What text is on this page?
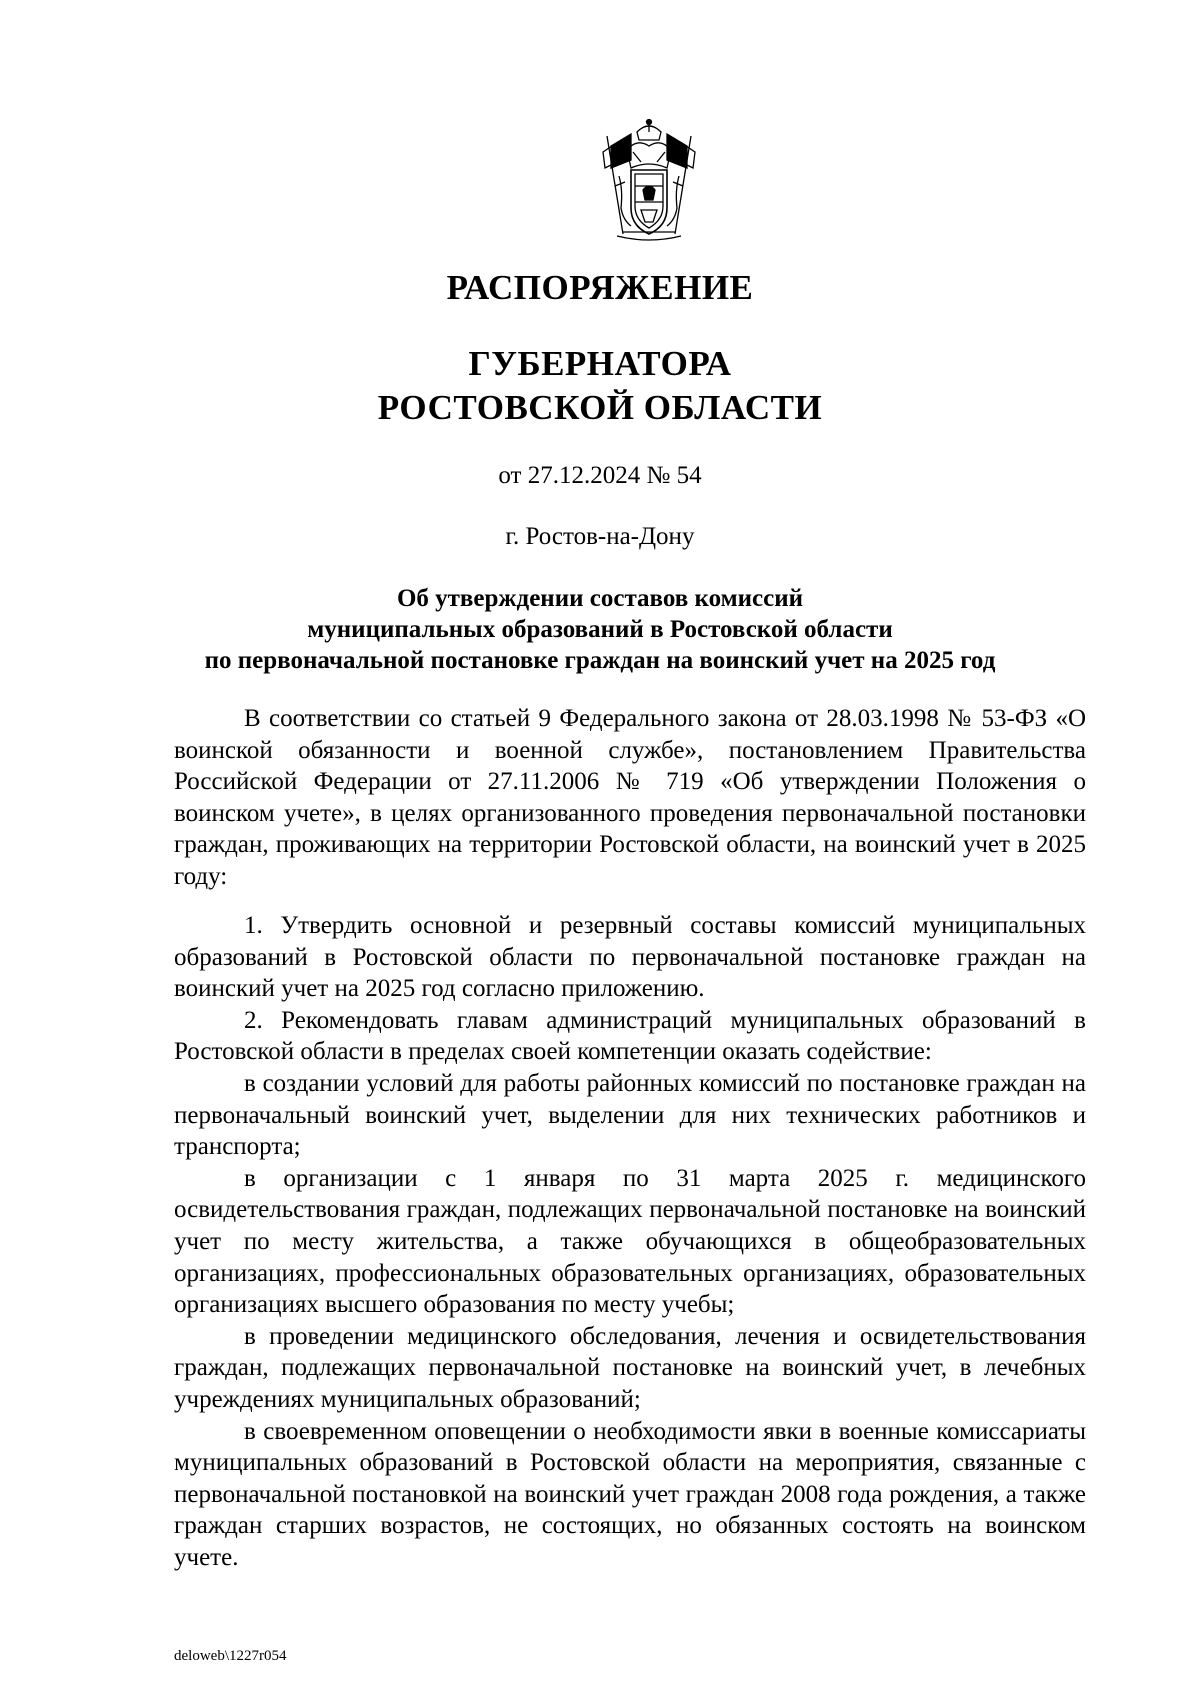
РАСПОРЯЖЕНИЕ
ГУБЕРНАТОРА
РОСТОВСКОЙ ОБЛАСТИ
от 27.12.2024 № 54
г. Ростов-на-Дону
Об утверждении составов комиссий
муниципальных образований в Ростовской области
по первоначальной постановке граждан на воинский учет на 2025 год

В соответствии со статьей 9 Федерального закона от 28.03.1998 № 53-ФЗ «О воинской обязанности и военной службе», постановлением Правительства Российской Федерации от 27.11.2006 № 719 «Об утверждении Положения о воинском учете», в целях организованного проведения первоначальной постановки граждан, проживающих на территории Ростовской области, на воинский учет в 2025 году:

1. Утвердить основной и резервный составы комиссий муниципальных образований в Ростовской области по первоначальной постановке граждан на воинский учет на 2025 год согласно приложению.

2. Рекомендовать главам администраций муниципальных образований в Ростовской области в пределах своей компетенции оказать содействие:

в создании условий для работы районных комиссий по постановке граждан на первоначальный воинский учет, выделении для них технических работников и транспорта;

в организации с 1 января по 31 марта 2025 г. медицинского освидетельствования граждан, подлежащих первоначальной постановке на воинский учет по месту жительства, а также обучающихся в общеобразовательных организациях, профессиональных образовательных организациях, образовательных организациях высшего образования по месту учебы;

в проведении медицинского обследования, лечения и освидетельствования граждан, подлежащих первоначальной постановке на воинский учет, в лечебных учреждениях муниципальных образований;

в своевременном оповещении о необходимости явки в военные комиссариаты муниципальных образований в Ростовской области на мероприятия, связанные с первоначальной постановкой на воинский учет граждан 2008 года рождения, а также граждан старших возрастов, не состоящих, но обязанных состоять на воинском учете.

deloweb\1227r054
